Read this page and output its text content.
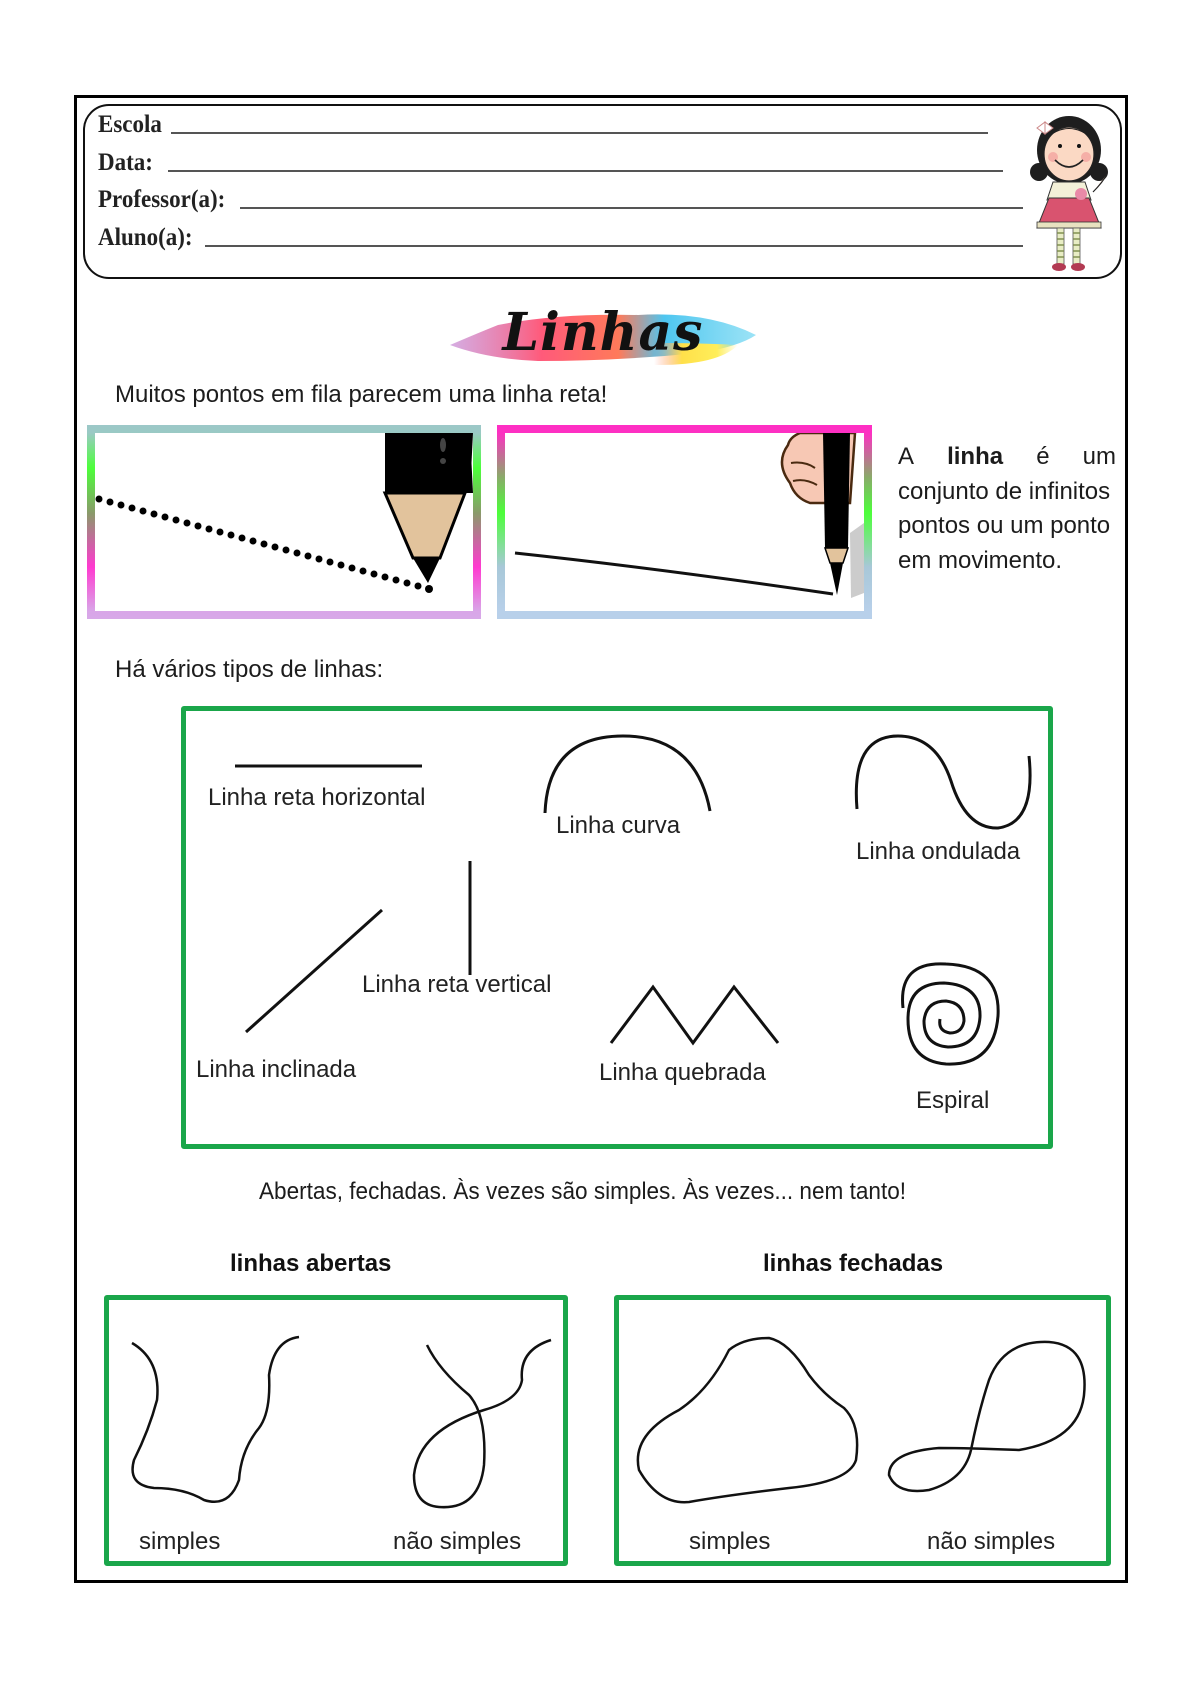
Escola
Data:
Professor(a):
Aluno(a):
Linhas
Muitos pontos em fila parecem uma linha reta!
A linha é um
conjunto de infinitos
pontos ou um ponto
em movimento.
Há vários tipos de linhas:
Linha reta horizontal
Linha curva
Linha ondulada
Linha reta vertical
Linha inclinada	Linha quebrada
Espiral
Abertas, fechadas. Às vezes são simples. Às vezes... nem tanto!
linhas abertas	linhas fechadas
simples	não simples	simples	não simples
